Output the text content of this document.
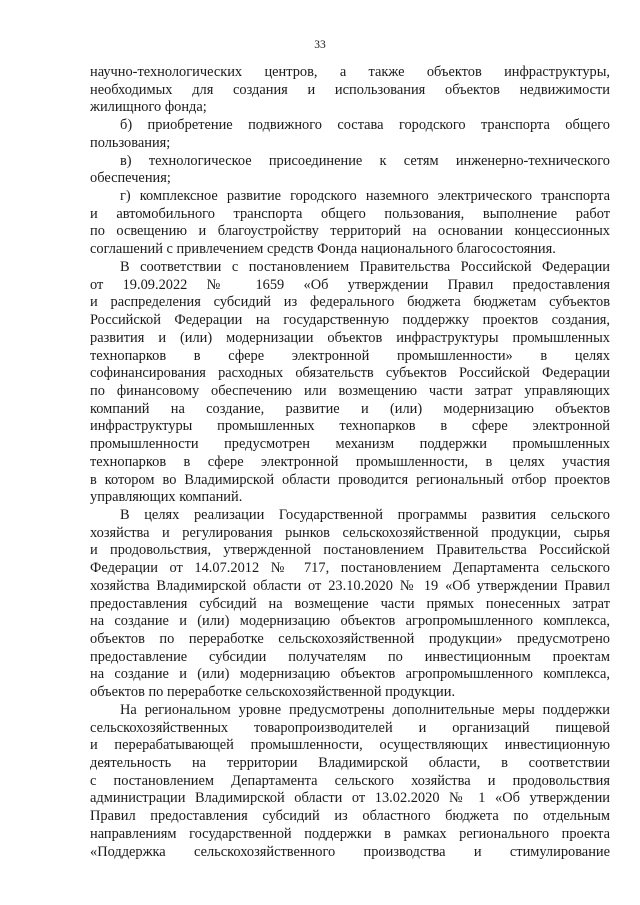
33
научно-технологических центров, а также объектов инфраструктуры,
необходимых для создания и использования объектов недвижимости
жилищного фонда;
б) приобретение подвижного состава городского транспорта общего
пользования;
в) технологическое присоединение к сетям инженерно-технического
обеспечения;
г) комплексное развитие городского наземного электрического транспорта
и автомобильного транспорта общего пользования, выполнение работ
по освещению и благоустройству территорий на основании концессионных
соглашений с привлечением средств Фонда национального благосостояния.
В соответствии с постановлением Правительства Российской Федерации
от 19.09.2022 № 1659 «Об утверждении Правил предоставления
и распределения субсидий из федерального бюджета бюджетам субъектов
Российской Федерации на государственную поддержку проектов создания,
развития и (или) модернизации объектов инфраструктуры промышленных
технопарков в сфере электронной промышленности» в целях
софинансирования расходных обязательств субъектов Российской Федерации
по финансовому обеспечению или возмещению части затрат управляющих
компаний на создание, развитие и (или) модернизацию объектов
инфраструктуры промышленных технопарков в сфере электронной
промышленности предусмотрен механизм поддержки промышленных
технопарков в сфере электронной промышленности, в целях участия
в котором во Владимирской области проводится региональный отбор проектов
управляющих компаний.
В целях реализации Государственной программы развития сельского
хозяйства и регулирования рынков сельскохозяйственной продукции, сырья
и продовольствия, утвержденной постановлением Правительства Российской
Федерации от 14.07.2012 № 717, постановлением Департамента сельского
хозяйства Владимирской области от 23.10.2020 № 19 «Об утверждении Правил
предоставления субсидий на возмещение части прямых понесенных затрат
на создание и (или) модернизацию объектов агропромышленного комплекса,
объектов по переработке сельскохозяйственной продукции» предусмотрено
предоставление субсидии получателям по инвестиционным проектам
на создание и (или) модернизацию объектов агропромышленного комплекса,
объектов по переработке сельскохозяйственной продукции.
На региональном уровне предусмотрены дополнительные меры поддержки
сельскохозяйственных товаропроизводителей и организаций пищевой
и перерабатывающей промышленности, осуществляющих инвестиционную
деятельность на территории Владимирской области, в соответствии
с постановлением Департамента сельского хозяйства и продовольствия
администрации Владимирской области от 13.02.2020 № 1 «Об утверждении
Правил предоставления субсидий из областного бюджета по отдельным
направлениям государственной поддержки в рамках регионального проекта
«Поддержка сельскохозяйственного производства и стимулирование
